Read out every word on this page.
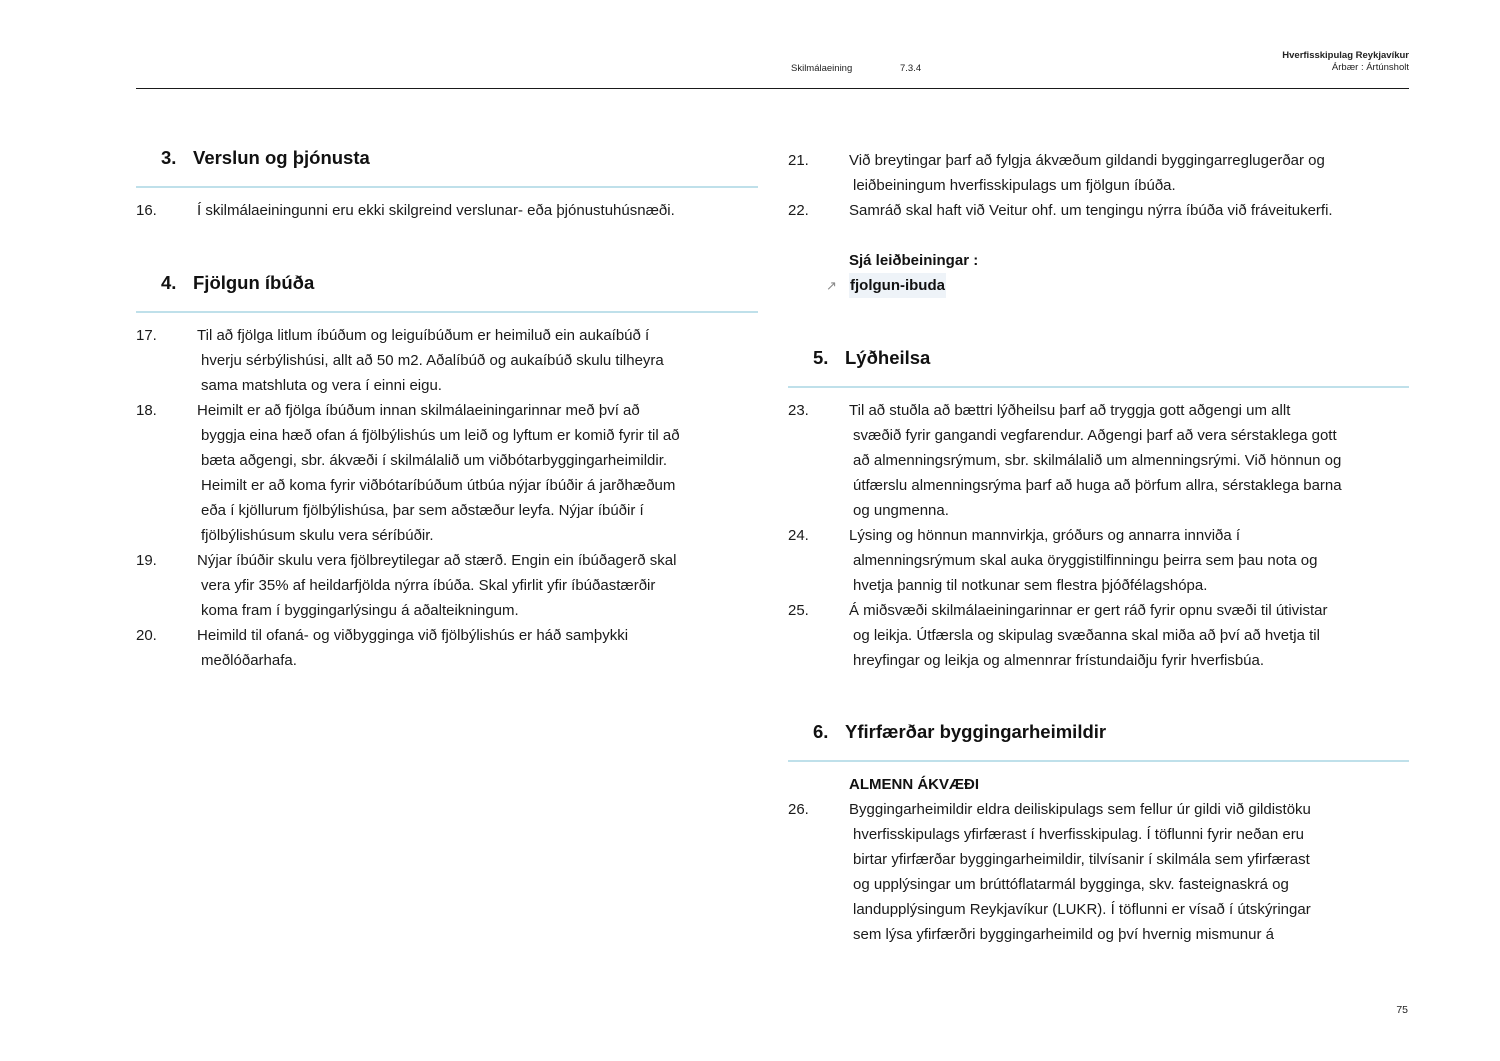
Skilmálaeining	7.3.4
Hverfisskipulag Reykjavíkur
Árbær : Ártúnsholt
3. Verslun og þjónusta
16.	Í skilmálaeiningunni eru ekki skilgreind verslunar- eða þjónustuhúsnæði.
4. Fjölgun íbúða
17.	Til að fjölga litlum íbúðum og leiguíbúðum er heimiluð ein aukaíbúð í
hverju sérbýlishúsi, allt að 50 m2. Aðalíbúð og aukaíbúð skulu tilheyra
sama matshluta og vera í einni eigu.
18.	Heimilt er að fjölga íbúðum innan skilmálaeiningarinnar með því að
byggja eina hæð ofan á fjölbýlishús um leið og lyftum er komið fyrir til að
bæta aðgengi, sbr. ákvæði í skilmálalið um viðbótarbyggingarheimildir.
Heimilt er að koma fyrir viðbótaríbúðum útbúa nýjar íbúðir á jarðhæðum
eða í kjöllurum fjölbýlishúsa, þar sem aðstæður leyfa. Nýjar íbúðir í
fjölbýlishúsum skulu vera séríbúðir.
19.	Nýjar íbúðir skulu vera fjölbreytilegar að stærð. Engin ein íbúðagerð skal
vera yfir 35% af heildarfjölda nýrra íbúða. Skal yfirlit yfir íbúðastærðir
koma fram í byggingarlýsingu á aðalteikningum.
20.	Heimild til ofaná- og viðbygginga við fjölbýlishús er háð samþykki
meðlóðarhafa.
21.	Við breytingar þarf að fylgja ákvæðum gildandi byggingarreglugerðar og
leiðbeiningum hverfisskipulags um fjölgun íbúða.
22.	Samráð skal haft við Veitur ohf. um tengingu nýrra íbúða við fráveitukerfi.
Sjá leiðbeiningar :
↗ fjolgun-ibuda
5. Lýðheilsa
23.	Til að stuðla að bættri lýðheilsu þarf að tryggja gott aðgengi um allt
svæðið fyrir gangandi vegfarendur. Aðgengi þarf að vera sérstaklega gott
að almenningsrýmum, sbr. skilmálalið um almenningsrými. Við hönnun og
útfærslu almenningsrýma þarf að huga að þörfum allra, sérstaklega barna
og ungmenna.
24.	Lýsing og hönnun mannvirkja, gróðurs og annarra innviða í
almenningsrýmum skal auka öryggistilfinningu þeirra sem þau nota og
hvetja þannig til notkunar sem flestra þjóðfélagshópa.
25.	Á miðsvæði skilmálaeiningarinnar er gert ráð fyrir opnu svæði til útivistar
og leikja. Útfærsla og skipulag svæðanna skal miða að því að hvetja til
hreyfingar og leikja og almennrar frístundaiðju fyrir hverfisbúa.
6. Yfirfærðar byggingarheimildir
ALMENN ÁKVÆÐI
26.	Byggingarheimildir eldra deiliskipulags sem fellur úr gildi við gildistöku
hverfisskipulags yfirfærast í hverfisskipulag. Í töflunni fyrir neðan eru
birtar yfirfærðar byggingarheimildir, tilvísanir í skilmála sem yfirfærast
og upplýsingar um brúttóflatarmál bygginga, skv. fasteignaskrá og
landupplýsingum Reykjavíkur (LUKR). Í töflunni er vísað í útskýringar
sem lýsa yfirfærðri byggingarheimild og því hvernig mismunur á
75
